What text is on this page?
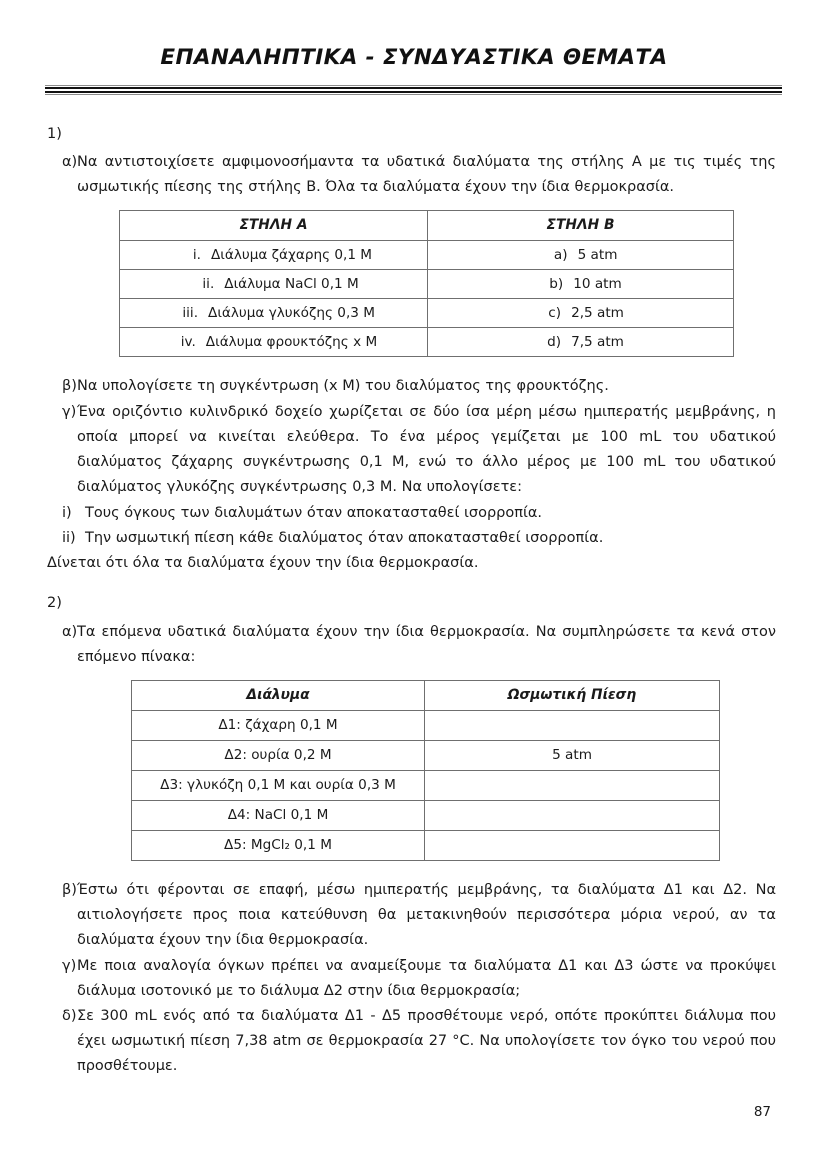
ΕΠΑΝΑΛΗΠΤΙΚΑ - ΣΥΝΔΥΑΣΤΙΚΑ ΘΕΜΑΤΑ
1)
α) Να αντιστοιχίσετε αμφιμονοσήμαντα τα υδατικά διαλύματα της στήλης Α με τις τιμές της ωσμωτικής πίεσης της στήλης Β. Όλα τα διαλύματα έχουν την ίδια θερμοκρασία.
ΣΤΗΛΗ Α	ΣΤΗΛΗ Β
i. Διάλυμα ζάχαρης 0,1 M	a) 5 atm
ii. Διάλυμα NaCl 0,1 M	b) 10 atm
iii. Διάλυμα γλυκόζης 0,3 M	c) 2,5 atm
iv. Διάλυμα φρουκτόζης x M	d) 7,5 atm
β) Να υπολογίσετε τη συγκέντρωση (x M) του διαλύματος της φρουκτόζης.
γ) Ένα οριζόντιο κυλινδρικό δοχείο χωρίζεται σε δύο ίσα μέρη μέσω ημιπερατής μεμβράνης, η οποία μπορεί να κινείται ελεύθερα. Το ένα μέρος γεμίζεται με 100 mL του υδατικού διαλύματος ζάχαρης συγκέντρωσης 0,1 Μ, ενώ το άλλο μέρος με 100 mL του υδατικού διαλύματος γλυκόζης συγκέντρωσης 0,3 Μ. Να υπολογίσετε:
i) Τους όγκους των διαλυμάτων όταν αποκατασταθεί ισορροπία.
ii) Την ωσμωτική πίεση κάθε διαλύματος όταν αποκατασταθεί ισορροπία.
Δίνεται ότι όλα τα διαλύματα έχουν την ίδια θερμοκρασία.
2)
α) Τα επόμενα υδατικά διαλύματα έχουν την ίδια θερμοκρασία. Να συμπληρώσετε τα κενά στον επόμενο πίνακα:
Διάλυμα	Ωσμωτική Πίεση
Δ1: ζάχαρη 0,1 M	
Δ2: ουρία 0,2 M	5 atm
Δ3: γλυκόζη 0,1 M και ουρία 0,3 M	
Δ4: NaCl 0,1 M	
Δ5: MgCl₂ 0,1 M	
β) Έστω ότι φέρονται σε επαφή, μέσω ημιπερατής μεμβράνης, τα διαλύματα Δ1 και Δ2. Να αιτιολογήσετε προς ποια κατεύθυνση θα μετακινηθούν περισσότερα μόρια νερού, αν τα διαλύματα έχουν την ίδια θερμοκρασία.
γ) Με ποια αναλογία όγκων πρέπει να αναμείξουμε τα διαλύματα Δ1 και Δ3 ώστε να προκύψει διάλυμα ισοτονικό με το διάλυμα Δ2 στην ίδια θερμοκρασία;
δ) Σε 300 mL ενός από τα διαλύματα Δ1 - Δ5 προσθέτουμε νερό, οπότε προκύπτει διάλυμα που έχει ωσμωτική πίεση 7,38 atm σε θερμοκρασία 27 °C. Να υπολογίσετε τον όγκο του νερού που προσθέτουμε.
87
